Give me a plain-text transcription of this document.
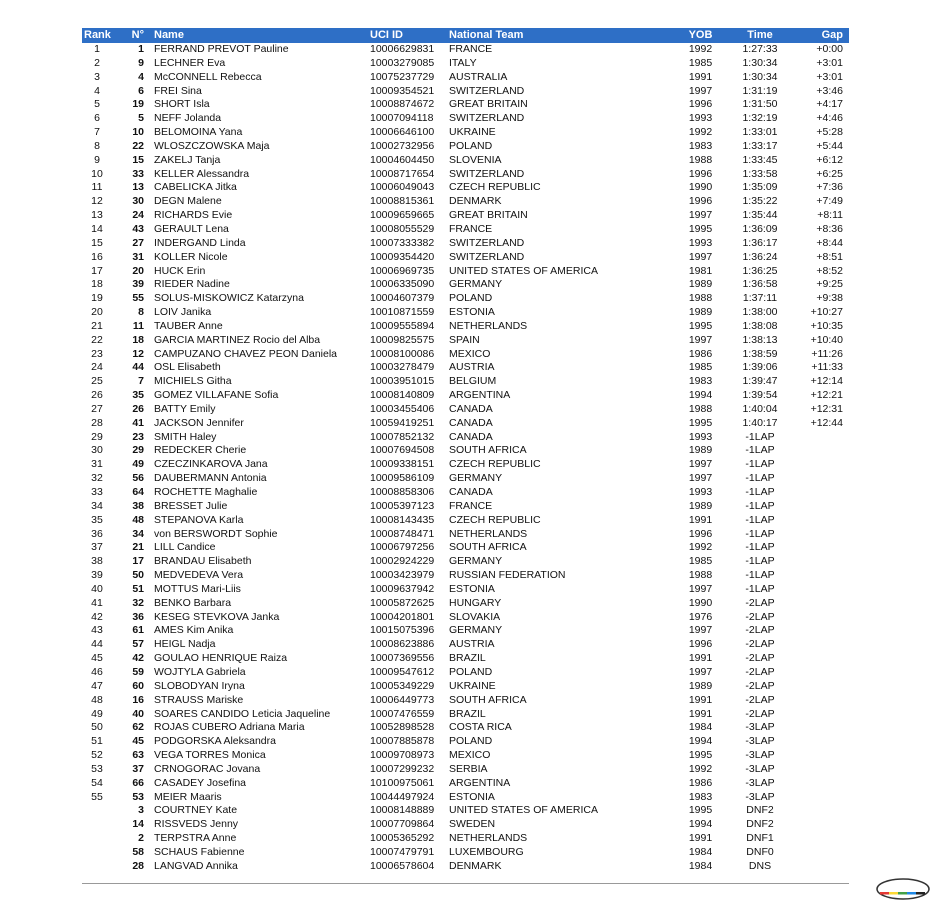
Rank	N° Name	UCI ID	National Team	YOB	Time	Gap
1	1 FERRAND PREVOT Pauline	10006629831	FRANCE	1992	1:27:33	+0:00
2	9 LECHNER Eva	10003279085	ITALY	1985	1:30:34	+3:01
3	4 McCONNELL Rebecca	10075237729	AUSTRALIA	1991	1:30:34	+3:01
4	6 FREI Sina	10009354521	SWITZERLAND	1997	1:31:19	+3:46
5	19 SHORT Isla	10008874672	GREAT BRITAIN	1996	1:31:50	+4:17
6	5 NEFF Jolanda	10007094118	SWITZERLAND	1993	1:32:19	+4:46
7	10 BELOMOINA Yana	10006646100	UKRAINE	1992	1:33:01	+5:28
8	22 WLOSZCZOWSKA Maja	10002732956	POLAND	1983	1:33:17	+5:44
9	15 ZAKELJ Tanja	10004604450	SLOVENIA	1988	1:33:45	+6:12
10	33 KELLER Alessandra	10008717654	SWITZERLAND	1996	1:33:58	+6:25
11	13 CABELICKA Jitka	10006049043	CZECH REPUBLIC	1990	1:35:09	+7:36
12	30 DEGN Malene	10008815361	DENMARK	1996	1:35:22	+7:49
13	24 RICHARDS Evie	10009659665	GREAT BRITAIN	1997	1:35:44	+8:11
14	43 GERAULT Lena	10008055529	FRANCE	1995	1:36:09	+8:36
15	27 INDERGAND Linda	10007333382	SWITZERLAND	1993	1:36:17	+8:44
16	31 KOLLER Nicole	10009354420	SWITZERLAND	1997	1:36:24	+8:51
17	20 HUCK Erin	10006969735	UNITED STATES OF AMERICA	1981	1:36:25	+8:52
18	39 RIEDER Nadine	10006335090	GERMANY	1989	1:36:58	+9:25
19	55 SOLUS-MISKOWICZ Katarzyna	10004607379	POLAND	1988	1:37:11	+9:38
20	8 LOIV Janika	10010871559	ESTONIA	1989	1:38:00	+10:27
21	11 TAUBER Anne	10009555894	NETHERLANDS	1995	1:38:08	+10:35
22	18 GARCIA MARTINEZ Rocio del Alba	10009825575	SPAIN	1997	1:38:13	+10:40
23	12 CAMPUZANO CHAVEZ PEON Daniela	10008100086	MEXICO	1986	1:38:59	+11:26
24	44 OSL Elisabeth	10003278479	AUSTRIA	1985	1:39:06	+11:33
25	7 MICHIELS Githa	10003951015	BELGIUM	1983	1:39:47	+12:14
26	35 GOMEZ VILLAFANE Sofia	10008140809	ARGENTINA	1994	1:39:54	+12:21
27	26 BATTY Emily	10003455406	CANADA	1988	1:40:04	+12:31
28	41 JACKSON Jennifer	10059419251	CANADA	1995	1:40:17	+12:44
29	23 SMITH Haley	10007852132	CANADA	1993	-1LAP
30	29 REDECKER Cherie	10007694508	SOUTH AFRICA	1989	-1LAP
31	49 CZECZINKAROVA Jana	10009338151	CZECH REPUBLIC	1997	-1LAP
32	56 DAUBERMANN Antonia	10009586109	GERMANY	1997	-1LAP
33	64 ROCHETTE Maghalie	10008858306	CANADA	1993	-1LAP
34	38 BRESSET Julie	10005397123	FRANCE	1989	-1LAP
35	48 STEPANOVA Karla	10008143435	CZECH REPUBLIC	1991	-1LAP
36	34 von BERSWORDT Sophie	10008748471	NETHERLANDS	1996	-1LAP
37	21 LILL Candice	10006797256	SOUTH AFRICA	1992	-1LAP
38	17 BRANDAU Elisabeth	10002924229	GERMANY	1985	-1LAP
39	50 MEDVEDEVA Vera	10003423979	RUSSIAN FEDERATION	1988	-1LAP
40	51 MOTTUS Mari-Liis	10009637942	ESTONIA	1997	-1LAP
41	32 BENKO Barbara	10005872625	HUNGARY	1990	-2LAP
42	36 KESEG STEVKOVA Janka	10004201801	SLOVAKIA	1976	-2LAP
43	61 AMES Kim Anika	10015075396	GERMANY	1997	-2LAP
44	57 HEIGL Nadja	10008623886	AUSTRIA	1996	-2LAP
45	42 GOULAO HENRIQUE Raiza	10007369556	BRAZIL	1991	-2LAP
46	59 WOJTYLA Gabriela	10009547612	POLAND	1997	-2LAP
47	60 SLOBODYAN Iryna	10005349229	UKRAINE	1989	-2LAP
48	16 STRAUSS Mariske	10006449773	SOUTH AFRICA	1991	-2LAP
49	40 SOARES CANDIDO Leticia Jaqueline	10007476559	BRAZIL	1991	-2LAP
50	62 ROJAS CUBERO Adriana Maria	10052898528	COSTA RICA	1984	-3LAP
51	45 PODGORSKA Aleksandra	10007885878	POLAND	1994	-3LAP
52	63 VEGA TORRES Monica	10009708973	MEXICO	1995	-3LAP
53	37 CRNOGORAC Jovana	10007299232	SERBIA	1992	-3LAP
54	66 CASADEY Josefina	10100975061	ARGENTINA	1986	-3LAP
55	53 MEIER Maaris	10044497924	ESTONIA	1983	-3LAP
3 COURTNEY Kate	10008148889	UNITED STATES OF AMERICA	1995	DNF2
14 RISSVEDS Jenny	10007709864	SWEDEN	1994	DNF2
2 TERPSTRA Anne	10005365292	NETHERLANDS	1991	DNF1
58 SCHAUS Fabienne	10007479791	LUXEMBOURG	1984	DNF0
28 LANGVAD Annika	10006578604	DENMARK	1984	DNS
